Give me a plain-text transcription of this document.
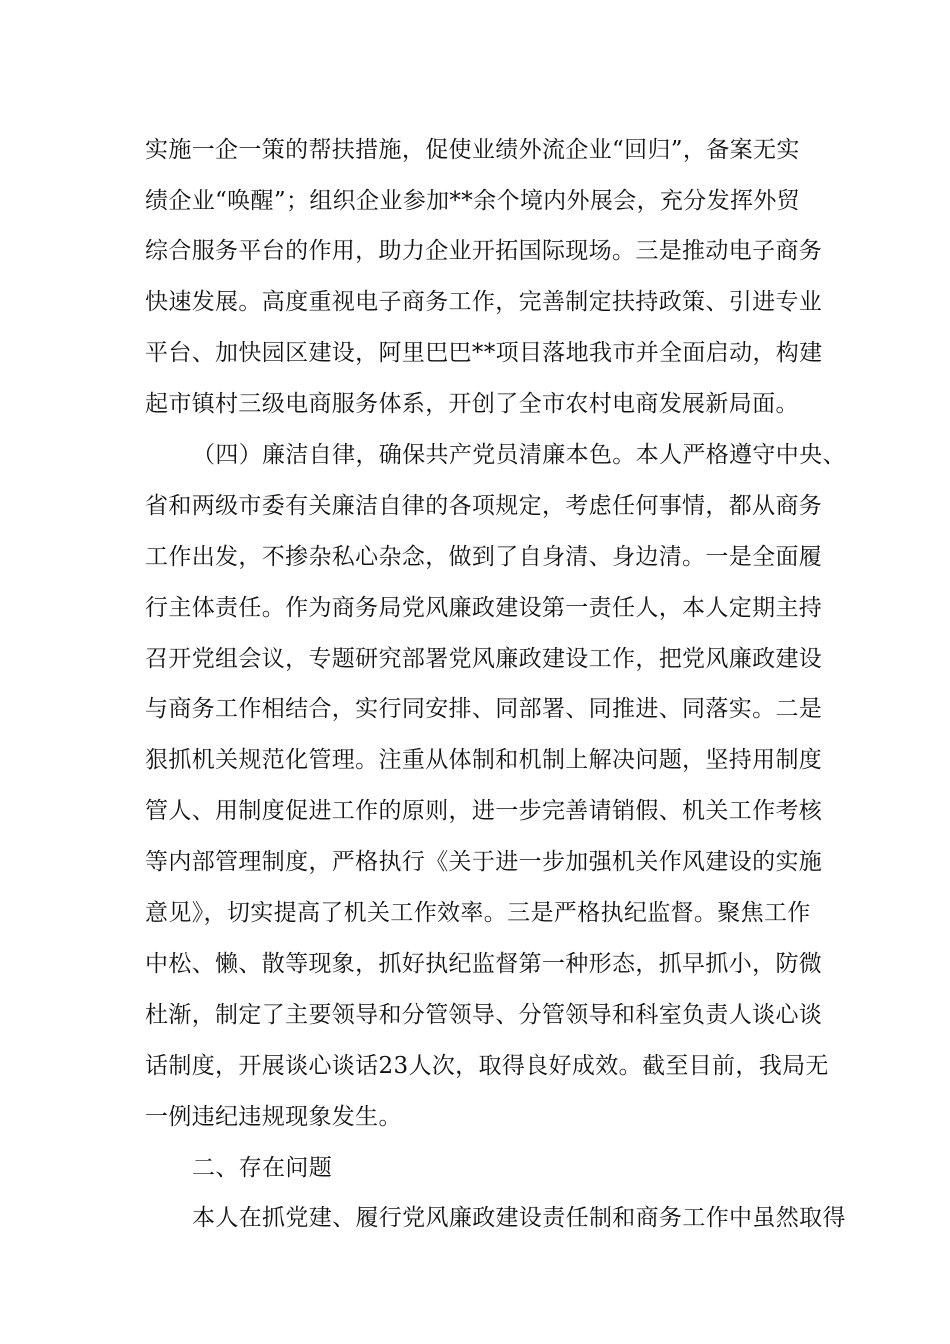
实施一企一策的帮扶措施，促使业绩外流企业“回归”，备案无实
绩企业“唤醒”；组织企业参加**余个境内外展会，充分发挥外贸
综合服务平台的作用，助力企业开拓国际现场。三是推动电子商务
快速发展。高度重视电子商务工作，完善制定扶持政策、引进专业
平台、加快园区建设，阿里巴巴**项目落地我市并全面启动，构建
起市镇村三级电商服务体系，开创了全市农村电商发展新局面。
（四）廉洁自律，确保共产党员清廉本色。本人严格遵守中央、
省和两级市委有关廉洁自律的各项规定，考虑任何事情，都从商务
工作出发，不掺杂私心杂念，做到了自身清、身边清。一是全面履
行主体责任。作为商务局党风廉政建设第一责任人，本人定期主持
召开党组会议，专题研究部署党风廉政建设工作，把党风廉政建设
与商务工作相结合，实行同安排、同部署、同推进、同落实。二是
狠抓机关规范化管理。注重从体制和机制上解决问题，坚持用制度
管人、用制度促进工作的原则，进一步完善请销假、机关工作考核
等内部管理制度，严格执行《关于进一步加强机关作风建设的实施
意见》，切实提高了机关工作效率。三是严格执纪监督。聚焦工作
中松、懒、散等现象，抓好执纪监督第一种形态，抓早抓小，防微
杜渐，制定了主要领导和分管领导、分管领导和科室负责人谈心谈
话制度，开展谈心谈话23人次，取得良好成效。截至目前，我局无
一例违纪违规现象发生。
二、存在问题
本人在抓党建、履行党风廉政建设责任制和商务工作中虽然取得
